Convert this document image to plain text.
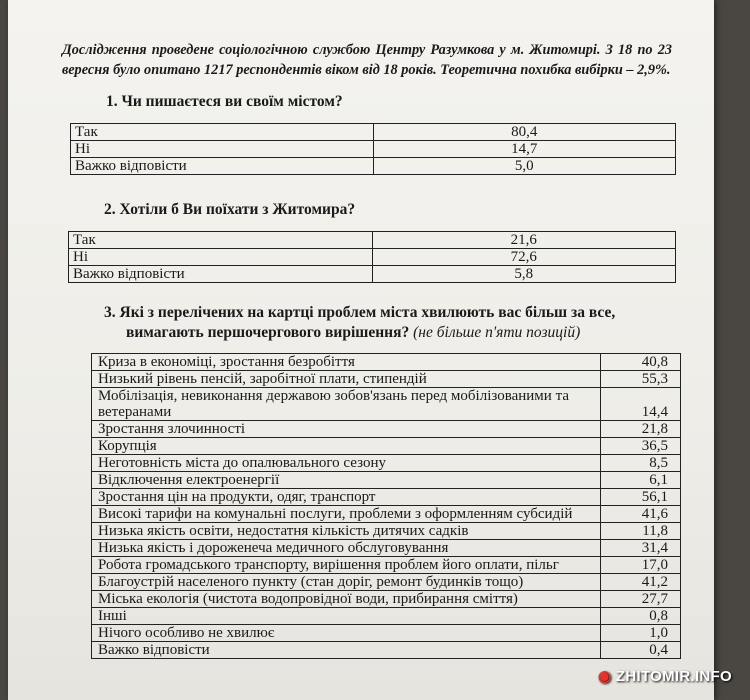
Дослідження проведене соціологічною службою Центру Разумкова у м. Житомирі. З 18 по 23 вересня було опитано 1217 респондентів віком від 18 років. Теоретична похибка вибірки – 2,9%.
1. Чи пишаєтеся ви своїм містом?
Так	80,4
Ні	14,7
Важко відповісти	5,0
2. Хотіли б Ви поїхати з Житомира?
Так	21,6
Ні	72,6
Важко відповісти	5,8
3. Які з перелічених на картці проблем міста хвилюють вас більш за все,
вимагають першочергового вирішення? (не більше п'яти позицій)
Криза в економіці, зростання безробіття	40,8
Низький рівень пенсій, заробітної плати, стипендій	55,3
Мобілізація, невиконання державою зобов'язань перед мобілізованими та ветеранами	14,4
Зростання злочинності	21,8
Корупція	36,5
Неготовність міста до опалювального сезону	8,5
Відключення електроенергії	6,1
Зростання цін на продукти, одяг, транспорт	56,1
Високі тарифи на комунальні послуги, проблеми з оформленням субсидій	41,6
Низька якість освіти, недостатня кількість дитячих садків	11,8
Низька якість і дороженеча медичного обслуговування	31,4
Робота громадського транспорту, вирішення проблем його оплати, пільг	17,0
Благоустрій населеного пункту (стан доріг, ремонт будинків тощо)	41,2
Міська екологія (чистота водопровідної води, прибирання сміття)	27,7
Інші	0,8
Нічого особливо не хвилює	1,0
Важко відповісти	0,4
◉ ZHITOMIR.INFO
